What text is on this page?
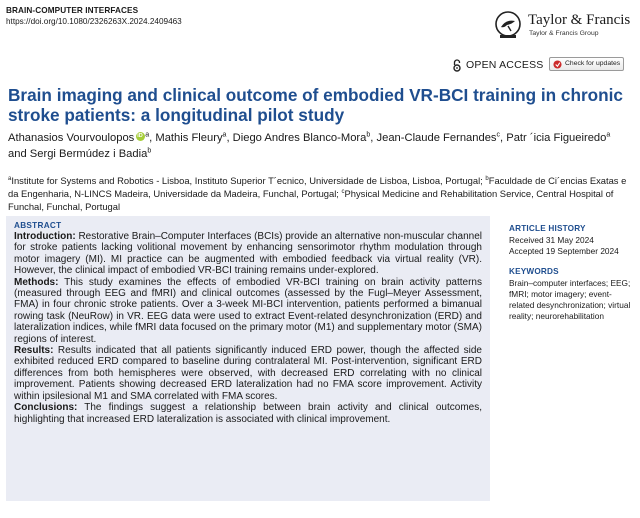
BRAIN-COMPUTER INTERFACES
https://doi.org/10.1080/2326263X.2024.2409463	Taylor & Francis
Taylor & Francis Group
OPEN ACCESS	Check for updates
Brain imaging and clinical outcome of embodied VR-BCI training in chronic stroke patients: a longitudinal pilot study
Athanasios VourvouloposiD $^a$, Mathis Fleury$^a$, Diego Andres Blanco-Mora$^b$, Jean-Claude Fernandes$^c$, Patr ´icia Figueiredo$^a$ and Sergi Bermúdez i Badia$^b$
$^a$Institute for Systems and Robotics - Lisboa, Instituto Superior T´ecnico, Universidade de Lisboa, Lisboa, Portugal; $^b$Faculdade de Ci´encias Exatas e da Engenharia, N-LINCS Madeira, Universidade da Madeira, Funchal, Portugal; $^c$Physical Medicine and Rehabilitation Service, Central Hospital of Funchal, Funchal, Portugal
ABSTRACT

Introduction: Restorative Brain–Computer Interfaces (BCIs) provide an alternative non-muscular channel for stroke patients lacking volitional movement by enhancing sensorimotor rhythm modulation through motor imagery (MI). MI practice can be augmented with embodied feedback via virtual reality (VR). However, the clinical impact of embodied VR-BCI training remains under-explored.

Methods: This study examines the effects of embodied VR-BCI training on brain activity patterns (measured through EEG and fMRI) and clinical outcomes (assessed by the Fugl–Meyer Assessment, FMA) in four chronic stroke patients. Over a 3-week MI-BCI intervention, patients performed a bimanual rowing task (NeuRow) in VR. EEG data were used to extract Event-related desynchronization (ERD) and lateralization indices, while fMRI data focused on the primary motor (M1) and supplementary motor (SMA) regions of interest.

Results: Results indicated that all patients significantly induced ERD power, though the affected side exhibited reduced ERD compared to baseline during contralateral MI. Post-intervention, significant ERD differences from both hemispheres were observed, with decreased ERD correlating with no clinical improvement. Patients showing decreased ERD lateralization had no FMA score improvement. Activity within ipsilesional M1 and SMA correlated with FMA scores.

Conclusions: The findings suggest a relationship between brain activity and clinical outcomes, highlighting that increased ERD lateralization is associated with clinical improvement.

ARTICLE HISTORY
Received 31 May 2024
Accepted 19 September 2024
KEYWORDS

Brain–computer interfaces; EEG; fMRI; motor imagery; event-related desynchronization; virtual reality; neurorehabilitation
